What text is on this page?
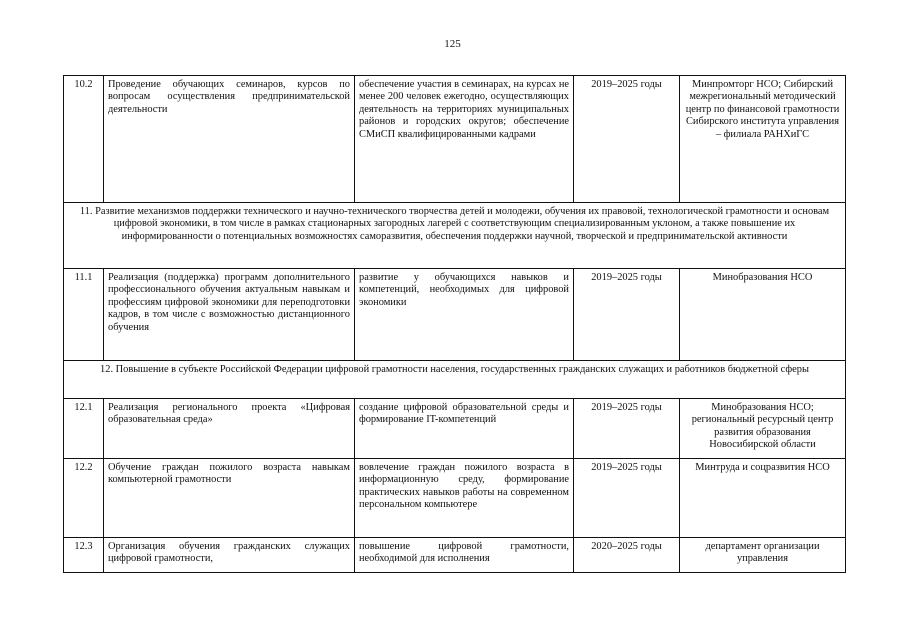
125
10.2	Проведение обучающих семинаров, курсов по вопросам осуществления предпринимательской деятельности	обеспечение участия в семинарах, на курсах не менее 200 человек ежегодно, осуществляющих деятельность на территориях муниципальных районов и городских округов; обеспечение СМиСП квалифицированными кадрами	2019–2025 годы	Минпромторг НСО; Сибирский межрегиональный методический центр по финансовой грамотности Сибирского института управления – филиала РАНХиГС
11. Развитие механизмов поддержки технического и научно-технического творчества детей и молодежи, обучения их правовой, технологической грамотности и основам цифровой экономики, в том числе в рамках стационарных загородных лагерей с соответствующим специализированным уклоном, а также повышение их информированности о потенциальных возможностях саморазвития, обеспечения поддержки научной, творческой и предпринимательской активности				
11.1	Реализация (поддержка) программ дополнительного профессионального обучения актуальным навыкам и профессиям цифровой экономики для переподготовки кадров, в том числе с возможностью дистанционного обучения	развитие у обучающихся навыков и компетенций, необходимых для цифровой экономики	2019–2025 годы	Минобразования НСО
12. Повышение в субъекте Российской Федерации цифровой грамотности населения, государственных гражданских служащих и работников бюджетной сферы				
12.1	Реализация регионального проекта «Цифровая образовательная среда»	создание цифровой образовательной среды и формирование IT-компетенций	2019–2025 годы	Минобразования НСО; региональный ресурсный центр развития образования Новосибирской области
12.2	Обучение граждан пожилого возраста навыкам компьютерной грамотности	вовлечение граждан пожилого возраста в информационную среду, формирование практических навыков работы на современном персональном компьютере	2019–2025 годы	Минтруда и соцразвития НСО
12.3	Организация обучения гражданских служащих цифровой грамотности,	повышение цифровой грамотности, необходимой для исполнения	2020–2025 годы	департамент организации управления
